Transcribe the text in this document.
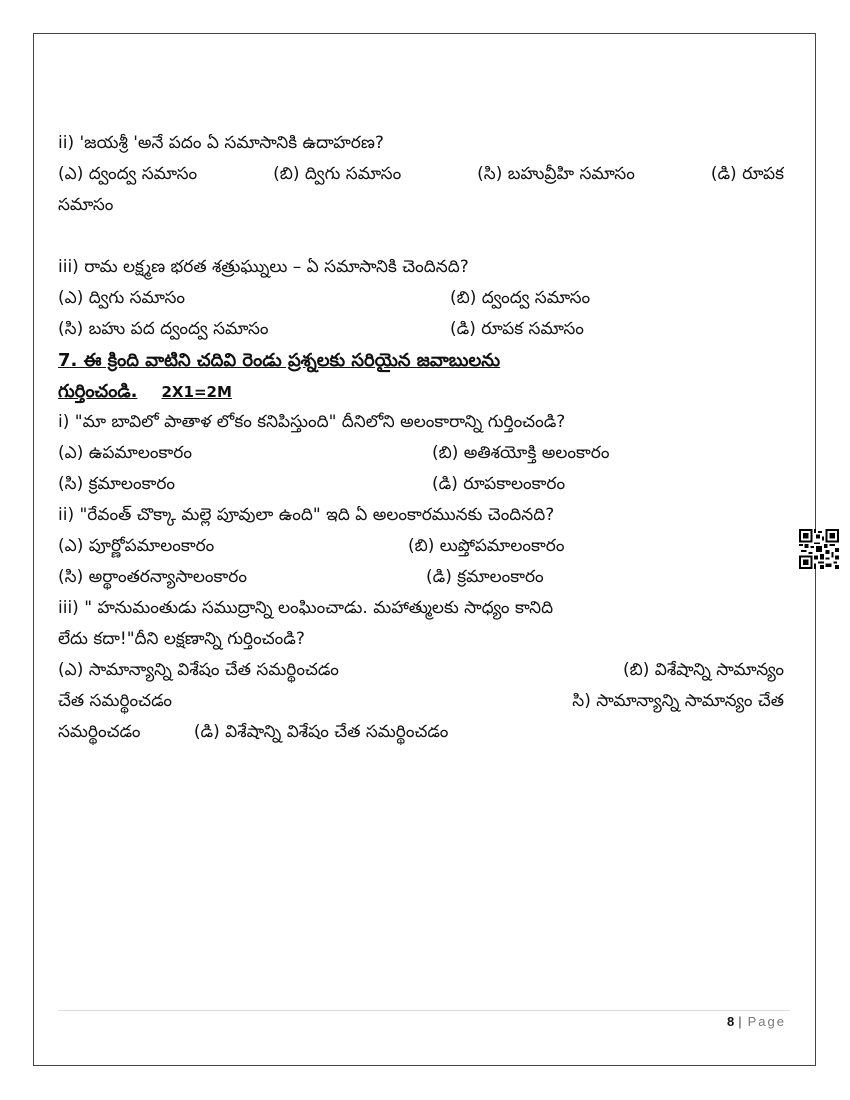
ii) 'జయశ్రీ 'అనే పదం ఏ సమాసానికి ఉదాహరణ?
(ఎ) ద్వంద్వ సమాసం	(బి) ద్విగు సమాసం	(సి) బహువ్రీహి సమాసం	(డి) రూపక
సమాసం
iii) రామ లక్ష్మణ భరత శత్రుఘ్నులు – ఏ సమాసానికి చెందినది?
(ఎ) ద్విగు సమాసం	(బి) ద్వంద్వ సమాసం
(సి) బహు పద ద్వంద్వ సమాసం	(డి) రూపక సమాసం
7. ఈ క్రింది వాటిని చదివి రెండు ప్రశ్నలకు సరియైన జవాబులను
గుర్తించండి. 2X1=2M
i) "మా బావిలో పాతాళ లోకం కనిపిస్తుంది" దీనిలోని అలంకారాన్ని గుర్తించండి?
(ఎ) ఉపమాలంకారం	(బి) అతిశయోక్తి అలంకారం
(సి) క్రమాలంకారం	(డి) రూపకాలంకారం
ii) "రేవంత్ చొక్కా మల్లె పూవులా ఉంది" ఇది ఏ అలంకారమునకు చెందినది?
(ఎ) పూర్ణోపమాలంకారం	(బి) లుప్తోపమాలంకారం
(సి) అర్థాంతరన్యాసాలంకారం	(డి) క్రమాలంకారం
iii) " హనుమంతుడు సముద్రాన్ని లంఘించాడు. మహాత్ములకు సాధ్యం కానిది
లేదు కదా!"దీని లక్షణాన్ని గుర్తించండి?
(ఎ) సామాన్యాన్ని విశేషం చేత సమర్థించడం	(బి) విశేషాన్ని సామాన్యం
చేత సమర్థించడం	సి) సామాన్యాన్ని సామాన్యం చేత
సమర్థించడం	(డి) విశేషాన్ని విశేషం చేత సమర్థించడం
8 | Page
